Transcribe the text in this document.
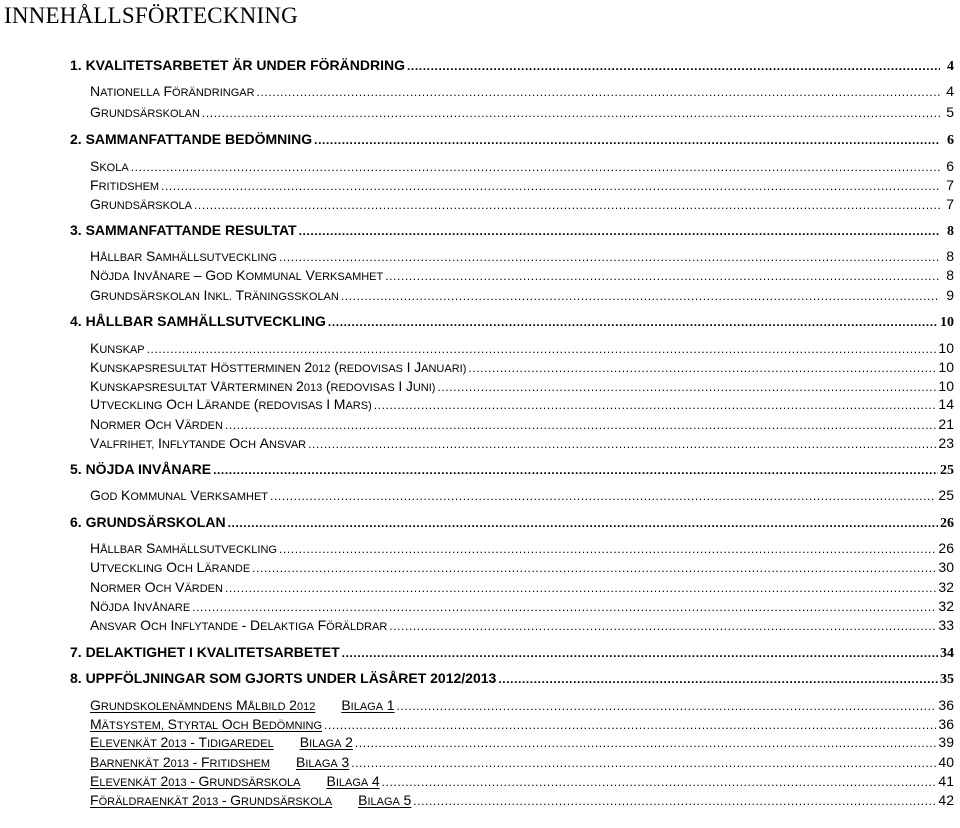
INNEHÅLLSFÖRTECKNING
1. KVALITETSARBETET ÄR UNDER FÖRÄNDRING .....	4
NATIONELLA FÖRÄNDRINGAR .....	4
GRUNDSÄRSKOLAN .....	5
2. SAMMANFATTANDE BEDÖMNING .....	6
SKOLA .....	6
FRITIDSHEM .....	7
GRUNDSÄRSKOLA .....	7
3. SAMMANFATTANDE RESULTAT .....	8
HÅLLBAR SAMHÄLLSUTVECKLING .....	8
NÖJDA INVÅNARE – GOD KOMMUNAL VERKSAMHET .....	8
GRUNDSÄRSKOLAN INKL. TRÄNINGSSKOLAN .....	9
4. HÅLLBAR SAMHÄLLSUTVECKLING .....	10
KUNSKAP .....	10
KUNSKAPSRESULTAT HÖSTTERMINEN 2012 (REDOVISAS I JANUARI) .....	10
KUNSKAPSRESULTAT VÅRTERMINEN 2013 (REDOVISAS I JUNI) .....	10
UTVECKLING OCH LÄRANDE (REDOVISAS I MARS) .....	14
NORMER OCH VÄRDEN .....	21
VALFRIHET, INFLYTANDE OCH ANSVAR .....	23
5. NÖJDA INVÅNARE .....	25
GOD KOMMUNAL VERKSAMHET .....	25
6. GRUNDSÄRSKOLAN .....	26
HÅLLBAR SAMHÄLLSUTVECKLING .....	26
UTVECKLING OCH LÄRANDE .....	30
NORMER OCH VÄRDEN .....	32
NÖJDA INVÅNARE .....	32
ANSVAR OCH INFLYTANDE - DELAKTIGA FÖRÄLDRAR .....	33
7. DELAKTIGHET I KVALITETSARBETET .....	34
8. UPPFÖLJNINGAR SOM GJORTS UNDER LÄSÅRET 2012/2013 .....	35
GRUNDSKOLENÄMNDENS MÅLBILD 2012 BILAGA 1 .....	36
MÄTSYSTEM, STYRTAL OCH BEDÖMNING .....	36
ELEVENKÄT 2013 - TIDIGAREDEL BILAGA 2 .....	39
BARNENKÄT 2013 - FRITIDSHEM BILAGA 3 .....	40
ELEVENKÄT 2013 - GRUNDSÄRSKOLA BILAGA 4 .....	41
FÖRÄLDRAENKÄT 2013 - GRUNDSÄRSKOLA BILAGA 5 .....	42
